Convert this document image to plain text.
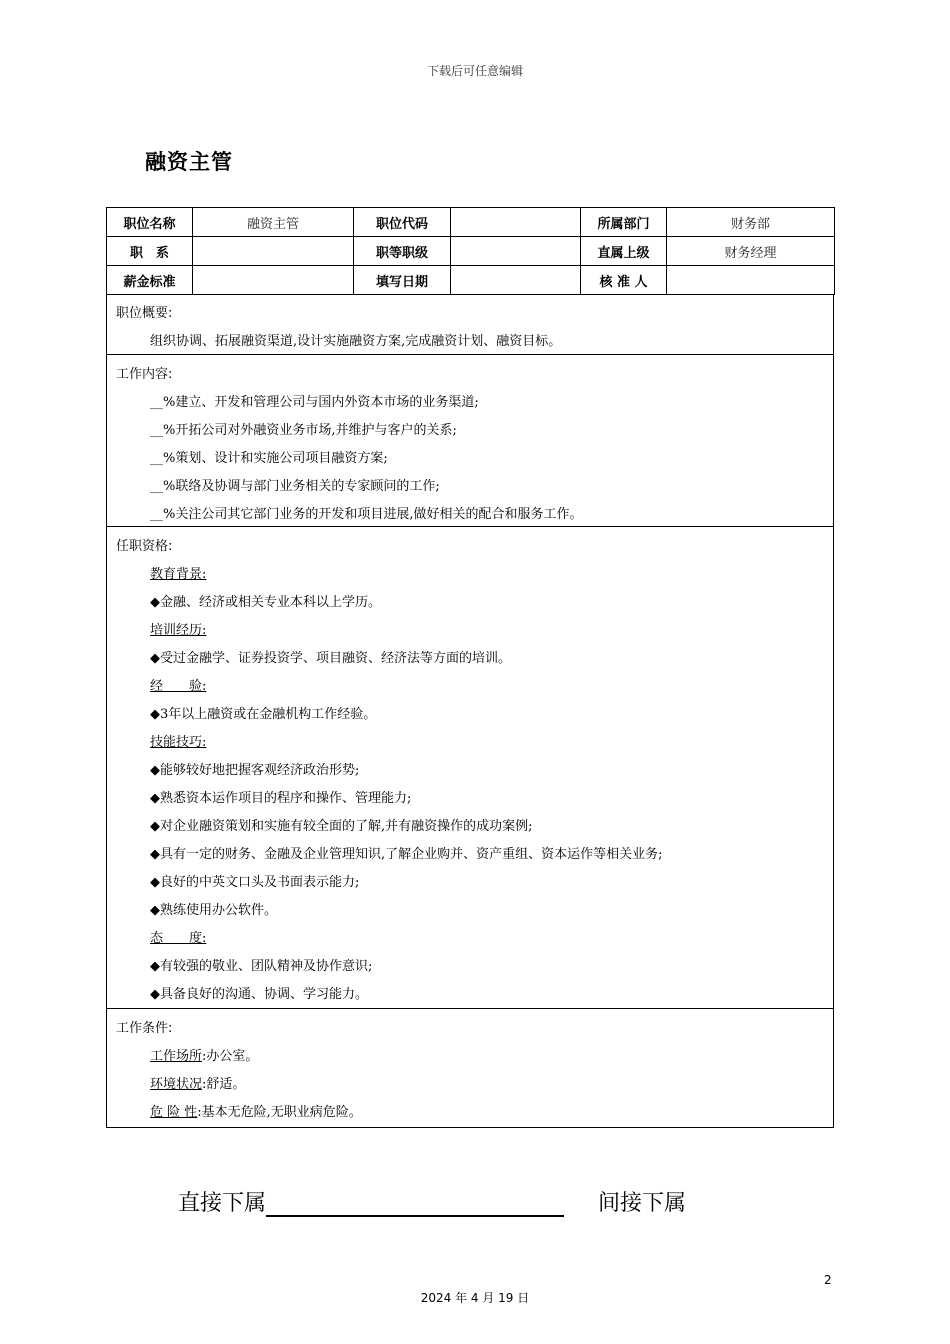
下载后可任意编辑
融资主管
职位名称	融资主管	职位代码		所属部门	财务部
职　系		职等职级		直属上级	财务经理
薪金标准		填写日期		核 准 人	
职位概要:
组织协调、拓展融资渠道,设计实施融资方案,完成融资计划、融资目标。
工作内容:
__%建立、开发和管理公司与国内外资本市场的业务渠道;
__%开拓公司对外融资业务市场,并维护与客户的关系;
__%策划、设计和实施公司项目融资方案;
__%联络及协调与部门业务相关的专家顾问的工作;
__%关注公司其它部门业务的开发和项目进展,做好相关的配合和服务工作。
任职资格:
教育背景:
◆金融、经济或相关专业本科以上学历。
培训经历:
◆受过金融学、证券投资学、项目融资、经济法等方面的培训。
经　　验:
◆3年以上融资或在金融机构工作经验。
技能技巧:
◆能够较好地把握客观经济政治形势;
◆熟悉资本运作项目的程序和操作、管理能力;
◆对企业融资策划和实施有较全面的了解,并有融资操作的成功案例;
◆具有一定的财务、金融及企业管理知识,了解企业购并、资产重组、资本运作等相关业务;
◆良好的中英文口头及书面表示能力;
◆熟练使用办公软件。
态　　度:
◆有较强的敬业、团队精神及协作意识;
◆具备良好的沟通、协调、学习能力。
工作条件:
工作场所:办公室。
环境状况:舒适。
危 险 性:基本无危险,无职业病危险。
直接下属	间接下属
2
2024 年 4 月 19 日
